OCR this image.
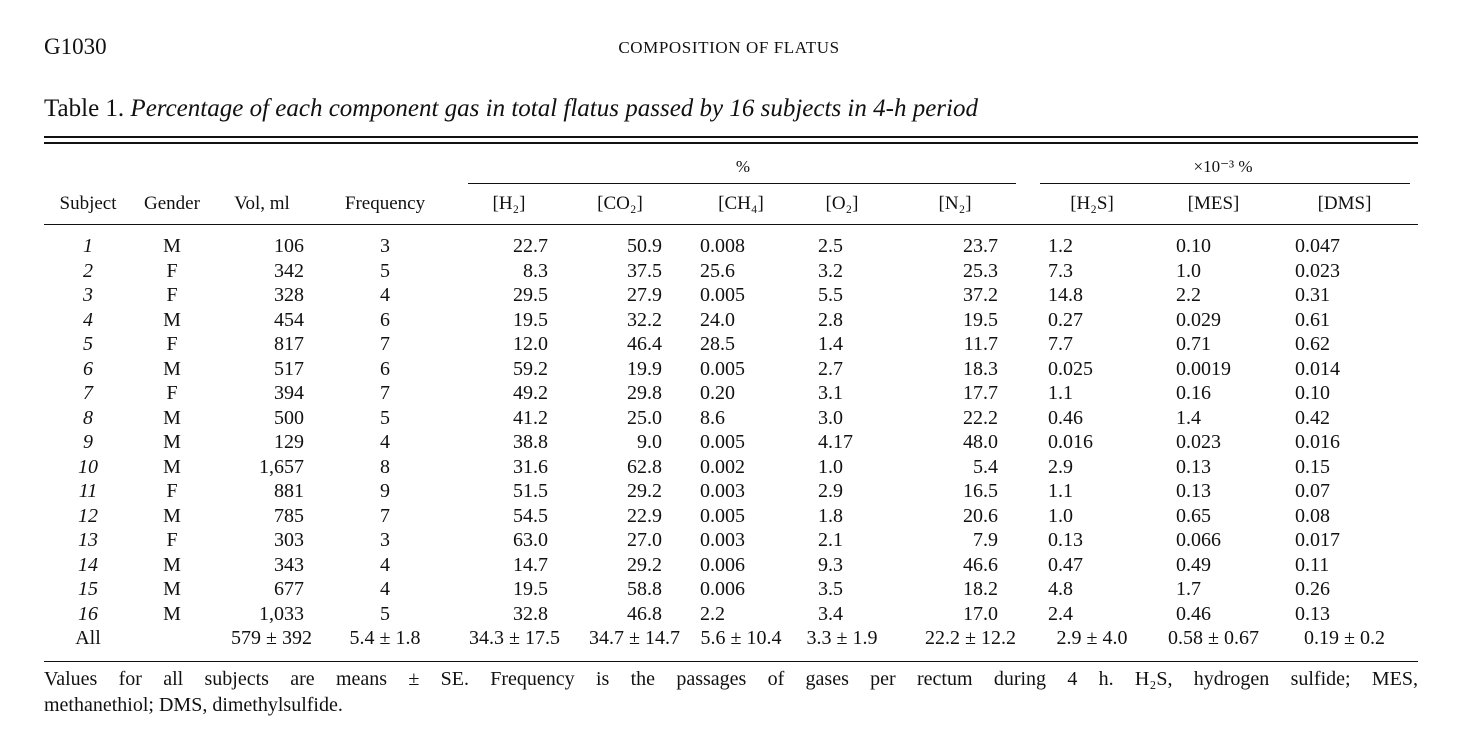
G1030	COMPOSITION OF FLATUS
Table 1. Percentage of each component gas in total flatus passed by 16 subjects in 4-h period
				%					×10⁻³ %		

Subject	Gender	Vol, ml	Frequency	[H₂]	[CO₂]	[CH₄]	[O₂]	[N₂]	[H₂S]	[MES]	[DMS]

1	M	106	3	22.7	50.9	0.008	2.5	23.7	1.2	0.10	0.047
2	F	342	5	8.3	37.5	25.6	3.2	25.3	7.3	1.0	0.023
3	F	328	4	29.5	27.9	0.005	5.5	37.2	14.8	2.2	0.31
4	M	454	6	19.5	32.2	24.0	2.8	19.5	0.27	0.029	0.61
5	F	817	7	12.0	46.4	28.5	1.4	11.7	7.7	0.71	0.62
6	M	517	6	59.2	19.9	0.005	2.7	18.3	0.025	0.0019	0.014
7	F	394	7	49.2	29.8	0.20	3.1	17.7	1.1	0.16	0.10
8	M	500	5	41.2	25.0	8.6	3.0	22.2	0.46	1.4	0.42
9	M	129	4	38.8	9.0	0.005	4.17	48.0	0.016	0.023	0.016
10	M	1,657	8	31.6	62.8	0.002	1.0	5.4	2.9	0.13	0.15
11	F	881	9	51.5	29.2	0.003	2.9	16.5	1.1	0.13	0.07
12	M	785	7	54.5	22.9	0.005	1.8	20.6	1.0	0.65	0.08
13	F	303	3	63.0	27.0	0.003	2.1	7.9	0.13	0.066	0.017
14	M	343	4	14.7	29.2	0.006	9.3	46.6	0.47	0.49	0.11
15	M	677	4	19.5	58.8	0.006	3.5	18.2	4.8	1.7	0.26
16	M	1,033	5	32.8	46.8	2.2	3.4	17.0	2.4	0.46	0.13
All		579 ± 392	5.4 ± 1.8	34.3 ± 17.5	34.7 ± 14.7	5.6 ± 10.4	3.3 ± 1.9	22.2 ± 12.2	2.9 ± 4.0	0.58 ± 0.67	0.19 ± 0.2

Values for all subjects are means ± SE. Frequency is the passages of gases per rectum during 4 h. H₂S, hydrogen sulfide; MES,
methanethiol; DMS, dimethylsulfide.
